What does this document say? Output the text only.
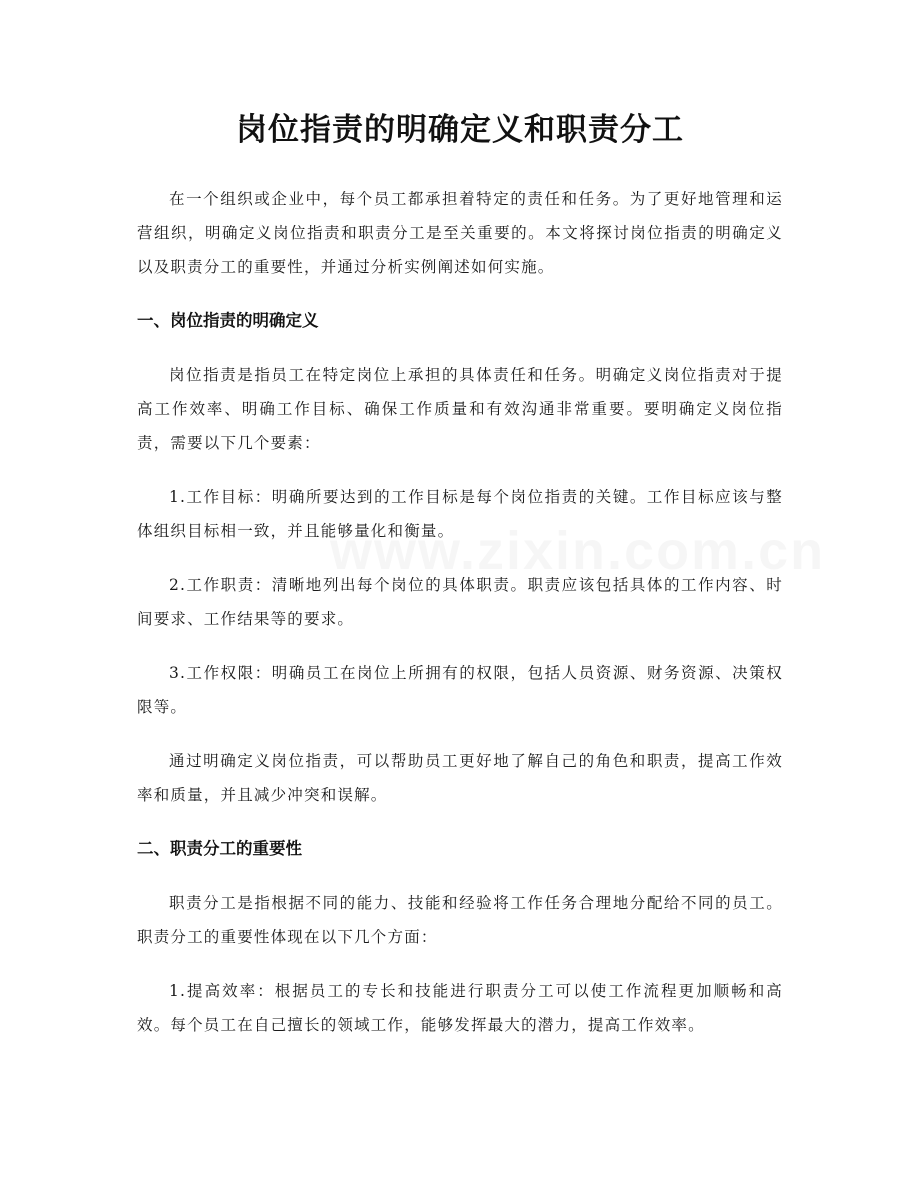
岗位指责的明确定义和职责分工

在一个组织或企业中，每个员工都承担着特定的责任和任务。为了更好地管理和运营组织，明确定义岗位指责和职责分工是至关重要的。本文将探讨岗位指责的明确定义以及职责分工的重要性，并通过分析实例阐述如何实施。

一、岗位指责的明确定义

岗位指责是指员工在特定岗位上承担的具体责任和任务。明确定义岗位指责对于提高工作效率、明确工作目标、确保工作质量和有效沟通非常重要。要明确定义岗位指责，需要以下几个要素：

1.工作目标：明确所要达到的工作目标是每个岗位指责的关键。工作目标应该与整体组织目标相一致，并且能够量化和衡量。

2.工作职责：清晰地列出每个岗位的具体职责。职责应该包括具体的工作内容、时间要求、工作结果等的要求。

3.工作权限：明确员工在岗位上所拥有的权限，包括人员资源、财务资源、决策权限等。

通过明确定义岗位指责，可以帮助员工更好地了解自己的角色和职责，提高工作效率和质量，并且减少冲突和误解。

二、职责分工的重要性

职责分工是指根据不同的能力、技能和经验将工作任务合理地分配给不同的员工。职责分工的重要性体现在以下几个方面：

1.提高效率：根据员工的专长和技能进行职责分工可以使工作流程更加顺畅和高效。每个员工在自己擅长的领域工作，能够发挥最大的潜力，提高工作效率。
